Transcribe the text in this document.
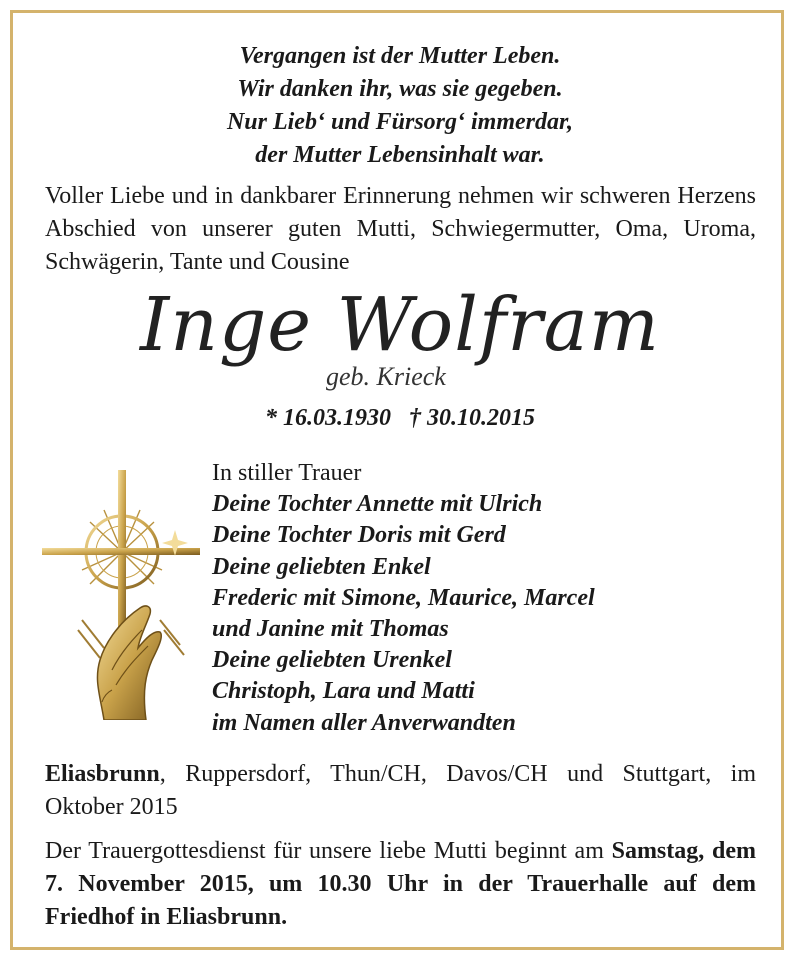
Vergangen ist der Mutter Leben.
Wir danken ihr, was sie gegeben.
Nur Lieb‘ und Fürsorg‘ immerdar,
der Mutter Lebensinhalt war.
Voller Liebe und in dankbarer Erinnerung nehmen wir schweren Herzens Abschied von unserer guten Mutti, Schwiegermutter, Oma, Uroma, Schwägerin, Tante und Cousine
Inge Wolfram
geb. Krieck
* 16.03.1930 † 30.10.2015
In stiller Trauer
Deine Tochter Annette mit Ulrich
Deine Tochter Doris mit Gerd
Deine geliebten Enkel
Frederic mit Simone, Maurice, Marcel
und Janine mit Thomas
Deine geliebten Urenkel
Christoph, Lara und Matti
im Namen aller Anverwandten
Eliasbrunn, Ruppersdorf, Thun/CH, Davos/CH und Stuttgart, im Oktober 2015
Der Trauergottesdienst für unsere liebe Mutti beginnt am Samstag, dem 7. November 2015, um 10.30 Uhr in der Trauerhalle auf dem Friedhof in Eliasbrunn.
